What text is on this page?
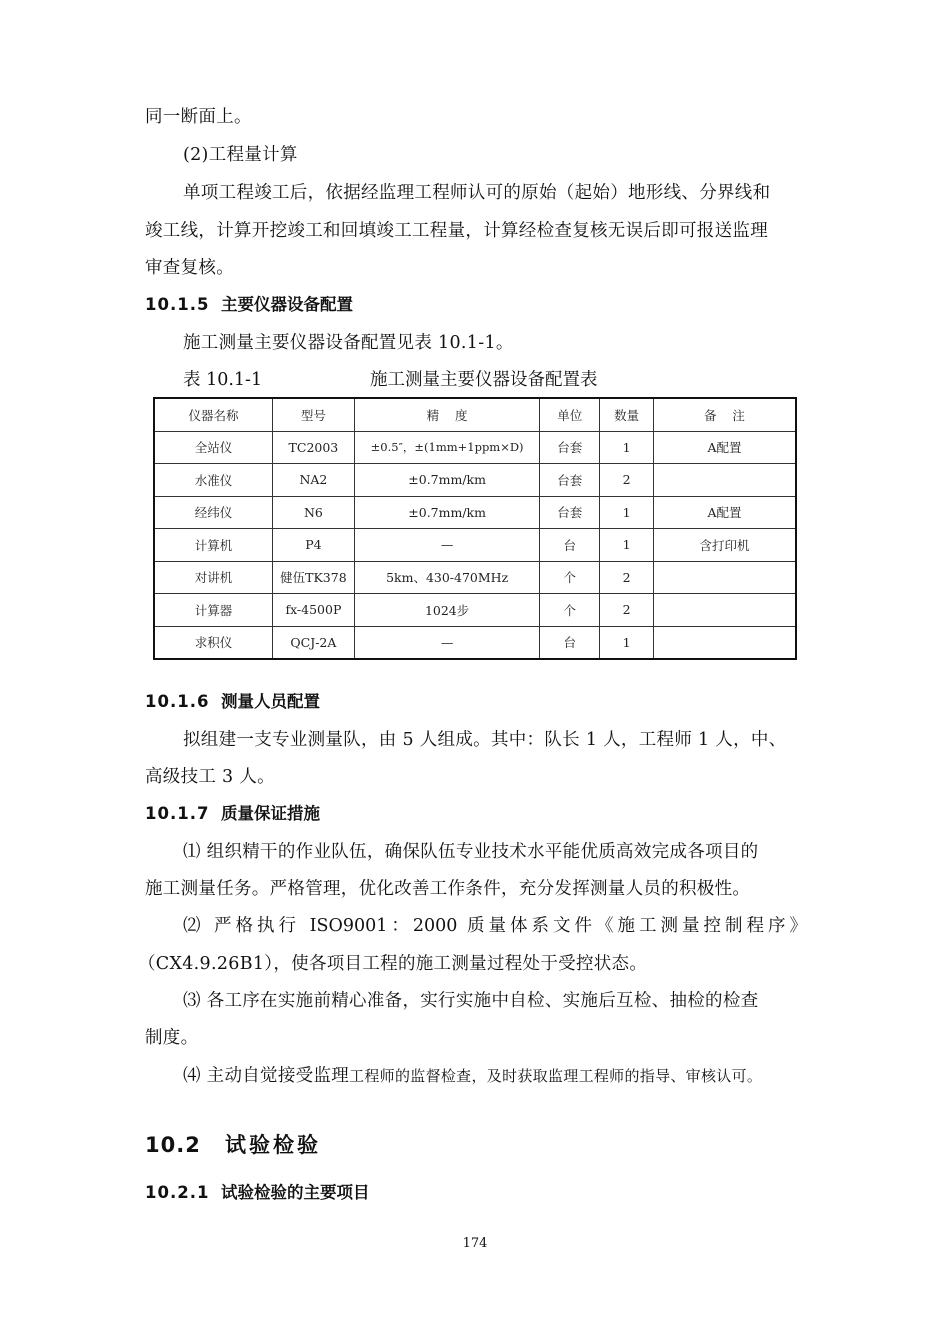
同一断面上。
(2)工程量计算
单项工程竣工后，依据经监理工程师认可的原始（起始）地形线、分界线和
竣工线，计算开挖竣工和回填竣工工程量，计算经检查复核无误后即可报送监理
审查复核。
10.1.5 主要仪器设备配置
施工测量主要仪器设备配置见表 10.1-1。
表 10.1-1	施工测量主要仪器设备配置表
仪器名称	型号	精    度	单位	数量	备    注
全站仪	TC2003	±0.5″，±(1mm+1ppm×D)	台套	1	A配置
水准仪	NA2	±0.7mm/km	台套	2	
经纬仪	N6	±0.7mm/km	台套	1	A配置
计算机	P4	—	台	1	含打印机
对讲机	健伍TK378	5km、430-470MHz	个	2	
计算器	fx-4500P	1024步	个	2	
求积仪	QCJ-2A	—	台	1	
10.1.6 测量人员配置
拟组建一支专业测量队，由 5 人组成。其中：队长 1 人，工程师 1 人，中、
高级技工 3 人。
10.1.7 质量保证措施
⑴ 组织精干的作业队伍，确保队伍专业技术水平能优质高效完成各项目的
施工测量任务。严格管理，优化改善工作条件，充分发挥测量人员的积极性。
⑵ 严格执行 ISO9001：2000 质量体系文件《施工测量控制程序》
（CX4.9.26B1），使各项目工程的施工测量过程处于受控状态。
⑶ 各工序在实施前精心准备，实行实施中自检、实施后互检、抽检的检查
制度。
⑷ 主动自觉接受监理工程师的监督检查，及时获取监理工程师的指导、审核认可。
10.2 试验检验
10.2.1 试验检验的主要项目
174
